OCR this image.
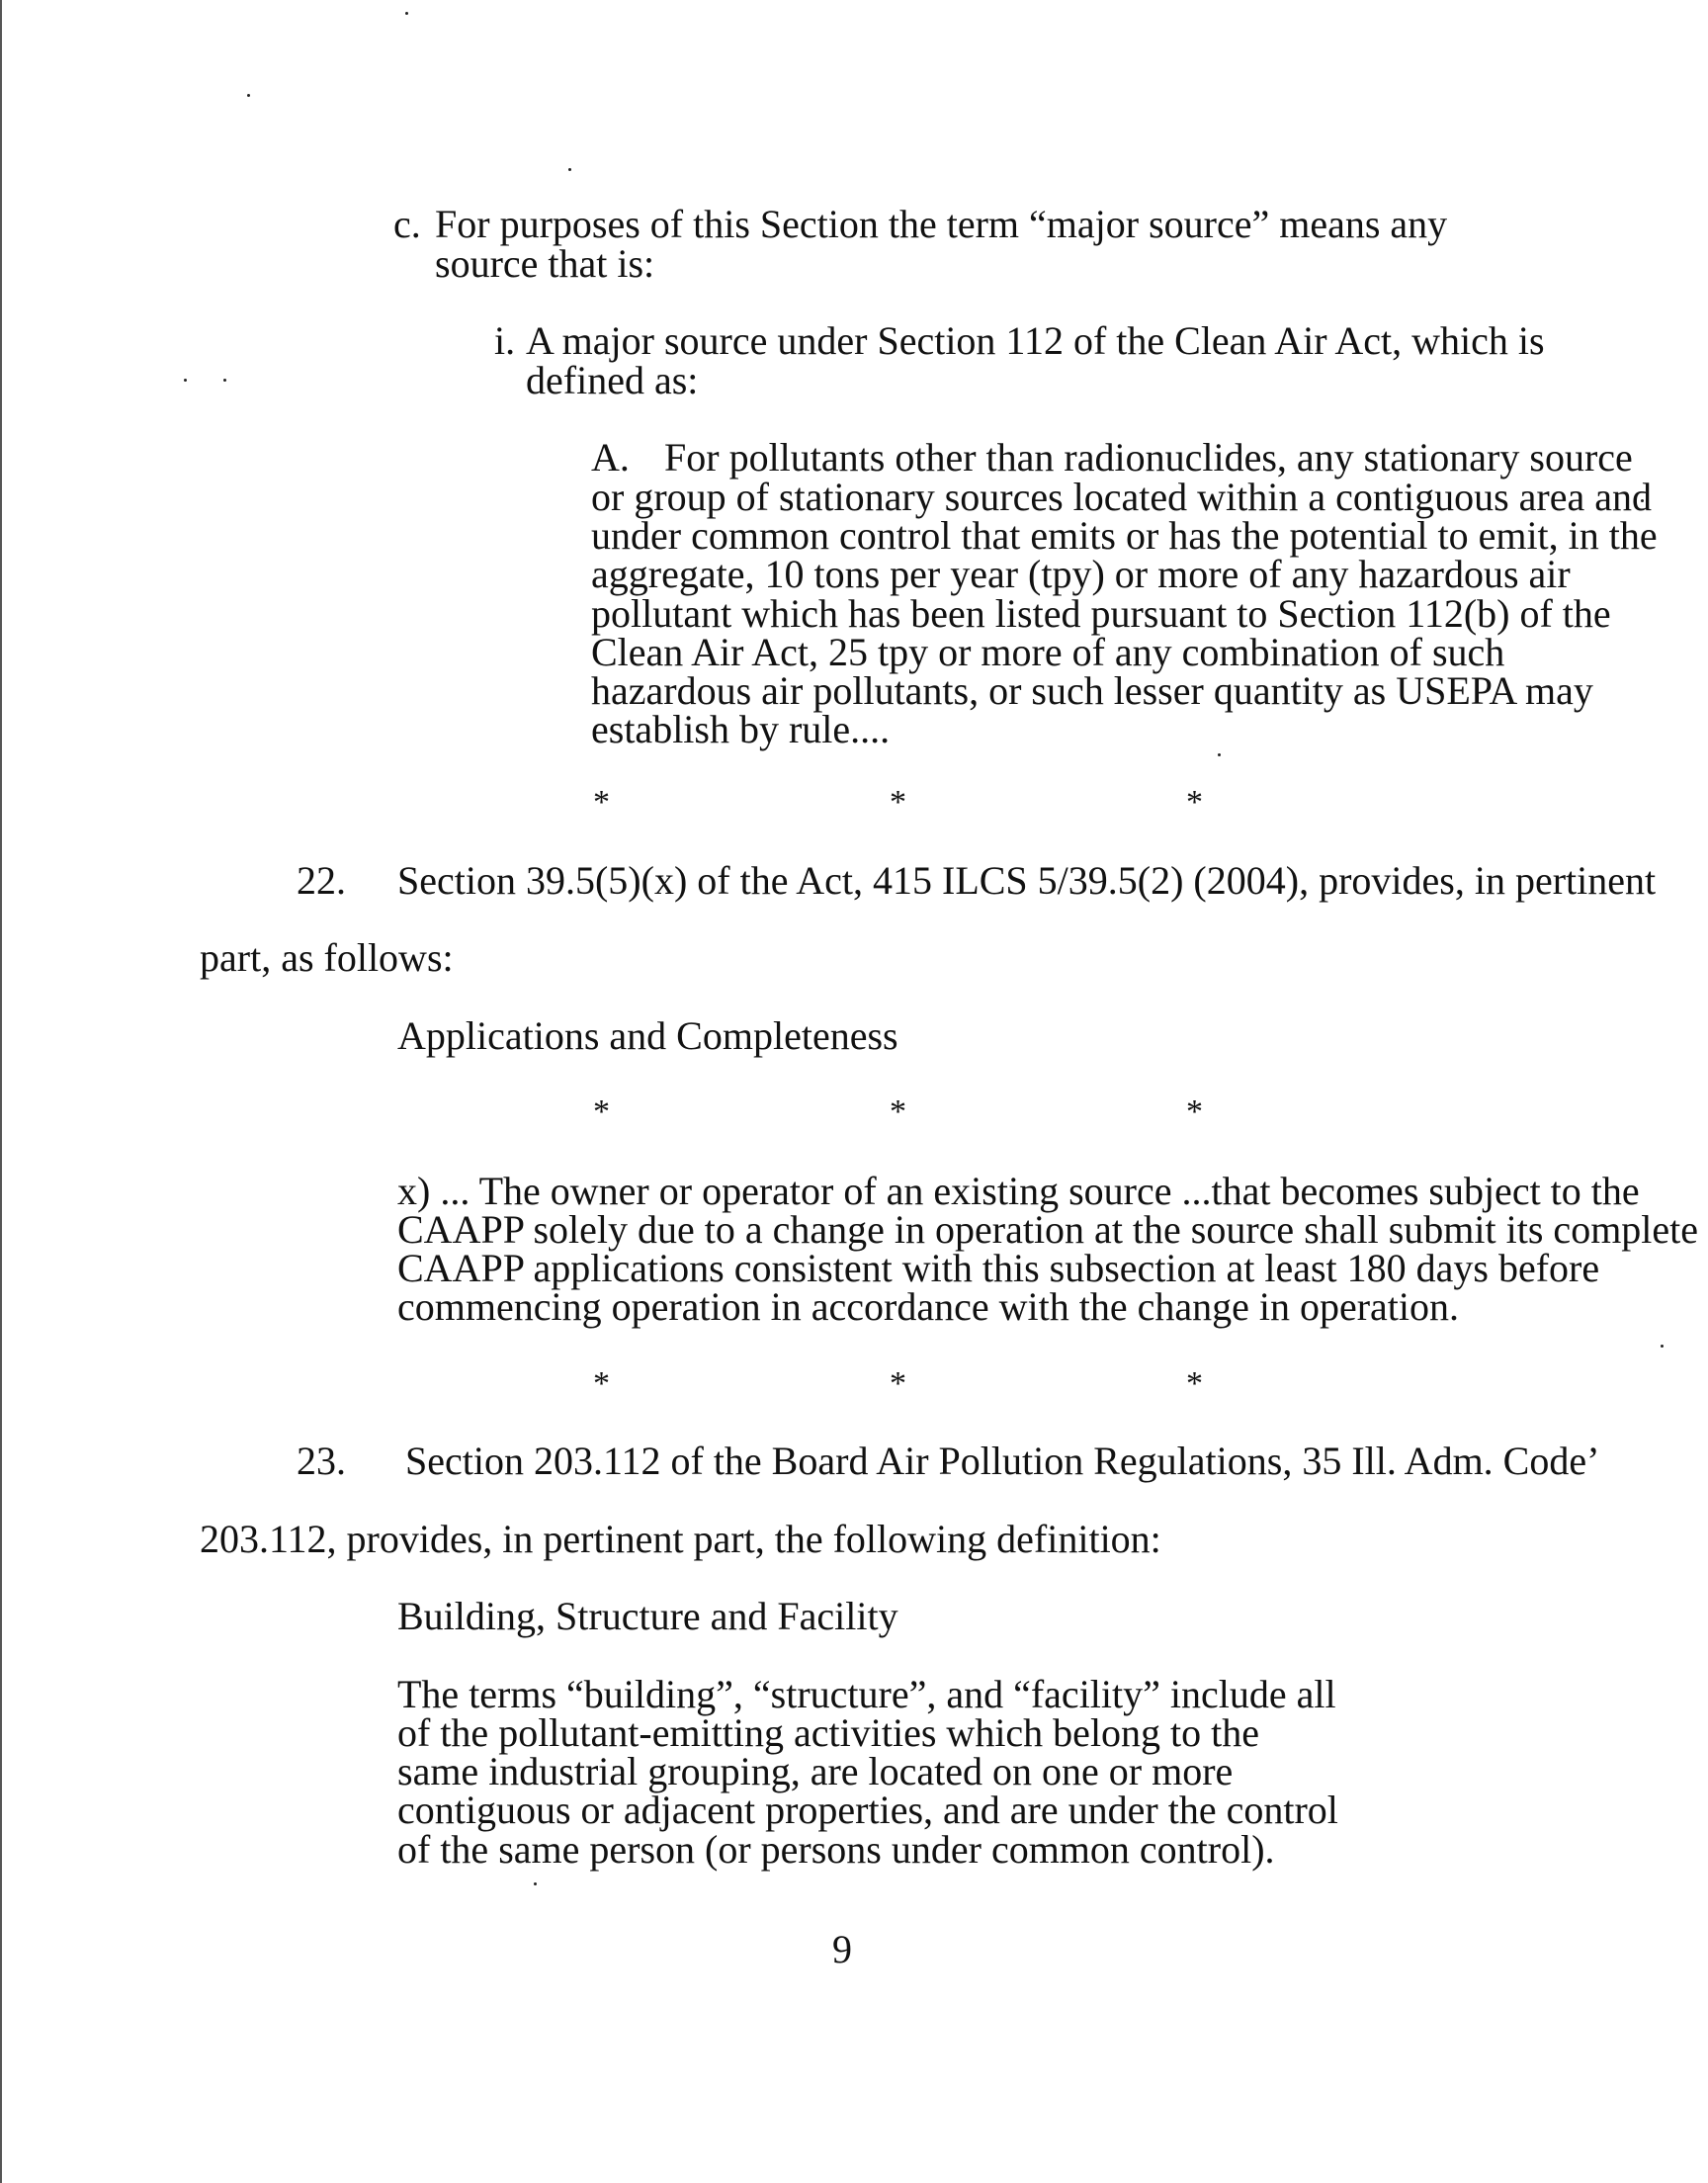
c. For purposes of this Section the term “major source” means any
source that is:
i. A major source under Section 112 of the Clean Air Act, which is
defined as:
A. For pollutants other than radionuclides, any stationary source
or group of stationary sources located within a contiguous area and
under common control that emits or has the potential to emit, in the
aggregate, 10 tons per year (tpy) or more of any hazardous air
pollutant which has been listed pursuant to Section 112(b) of the
Clean Air Act, 25 tpy or more of any combination of such
hazardous air pollutants, or such lesser quantity as USEPA may
establish by rule....
*	*	*
22. Section 39.5(5)(x) of the Act, 415 ILCS 5/39.5(2) (2004), provides, in pertinent
part, as follows:
Applications and Completeness
*	*	*
x) ... The owner or operator of an existing source ...that becomes subject to the
CAAPP solely due to a change in operation at the source shall submit its complete
CAAPP applications consistent with this subsection at least 180 days before
commencing operation in accordance with the change in operation.
*	*	*
23. Section 203.112 of the Board Air Pollution Regulations, 35 Ill. Adm. Code’
203.112, provides, in pertinent part, the following definition:
Building, Structure and Facility
The terms “building”, “structure”, and “facility” include all
of the pollutant-emitting activities which belong to the
same industrial grouping, are located on one or more
contiguous or adjacent properties, and are under the control
of the same person (or persons under common control).
9
